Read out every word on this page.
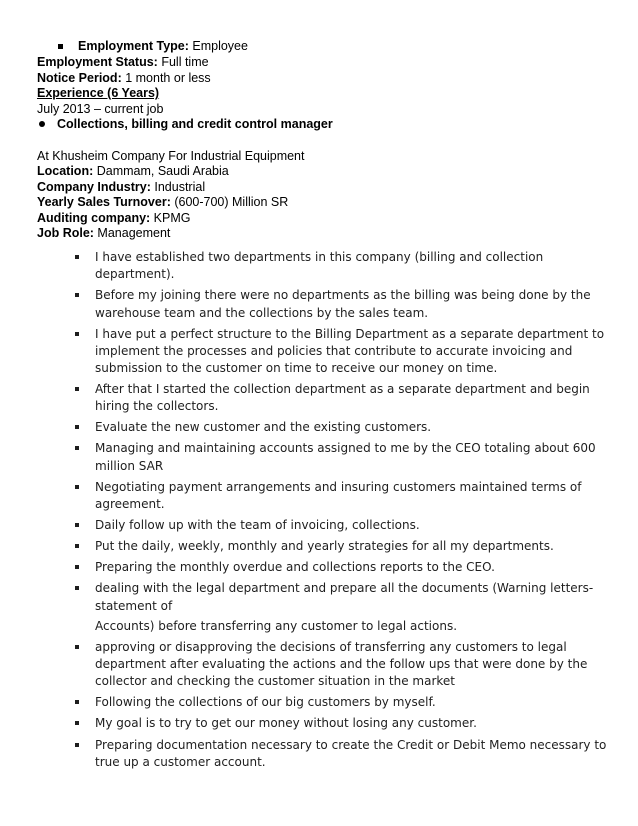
Employment Type: Employee
Employment Status: Full time
Notice Period: 1 month or less
Experience (6 Years)
July 2013 – current job
Collections, billing and credit control manager
At Khusheim Company For Industrial Equipment
Location: Dammam, Saudi Arabia
Company Industry: Industrial
Yearly Sales Turnover: (600-700) Million SR
Auditing company: KPMG
Job Role: Management
I have established two departments in this company (billing and collection department).
Before my joining there were no departments as the billing was being done by the warehouse team and the collections by the sales team.
I have put a perfect structure to the Billing Department as a separate department to implement the processes and policies that contribute to accurate invoicing and submission to the customer on time to receive our money on time.
After that I started the collection department as a separate department and begin hiring the collectors.
Evaluate the new customer and the existing customers.
Managing and maintaining accounts assigned to me by the CEO totaling about 600 million SAR
Negotiating payment arrangements and insuring customers maintained terms of agreement.
Daily follow up with the team of invoicing, collections.
Put the daily, weekly, monthly and yearly strategies for all my departments.
Preparing the monthly overdue and collections reports to the CEO.
dealing with the legal department and prepare all the documents (Warning letters-statement of
Accounts) before transferring any customer to legal actions.
approving or disapproving the decisions of transferring any customers to legal department after evaluating the actions and the follow ups that were done by the collector and checking the customer situation in the market
Following the collections of our big customers by myself.
My goal is to try to get our money without losing any customer.
Preparing documentation necessary to create the Credit or Debit Memo necessary to true up a customer account.
